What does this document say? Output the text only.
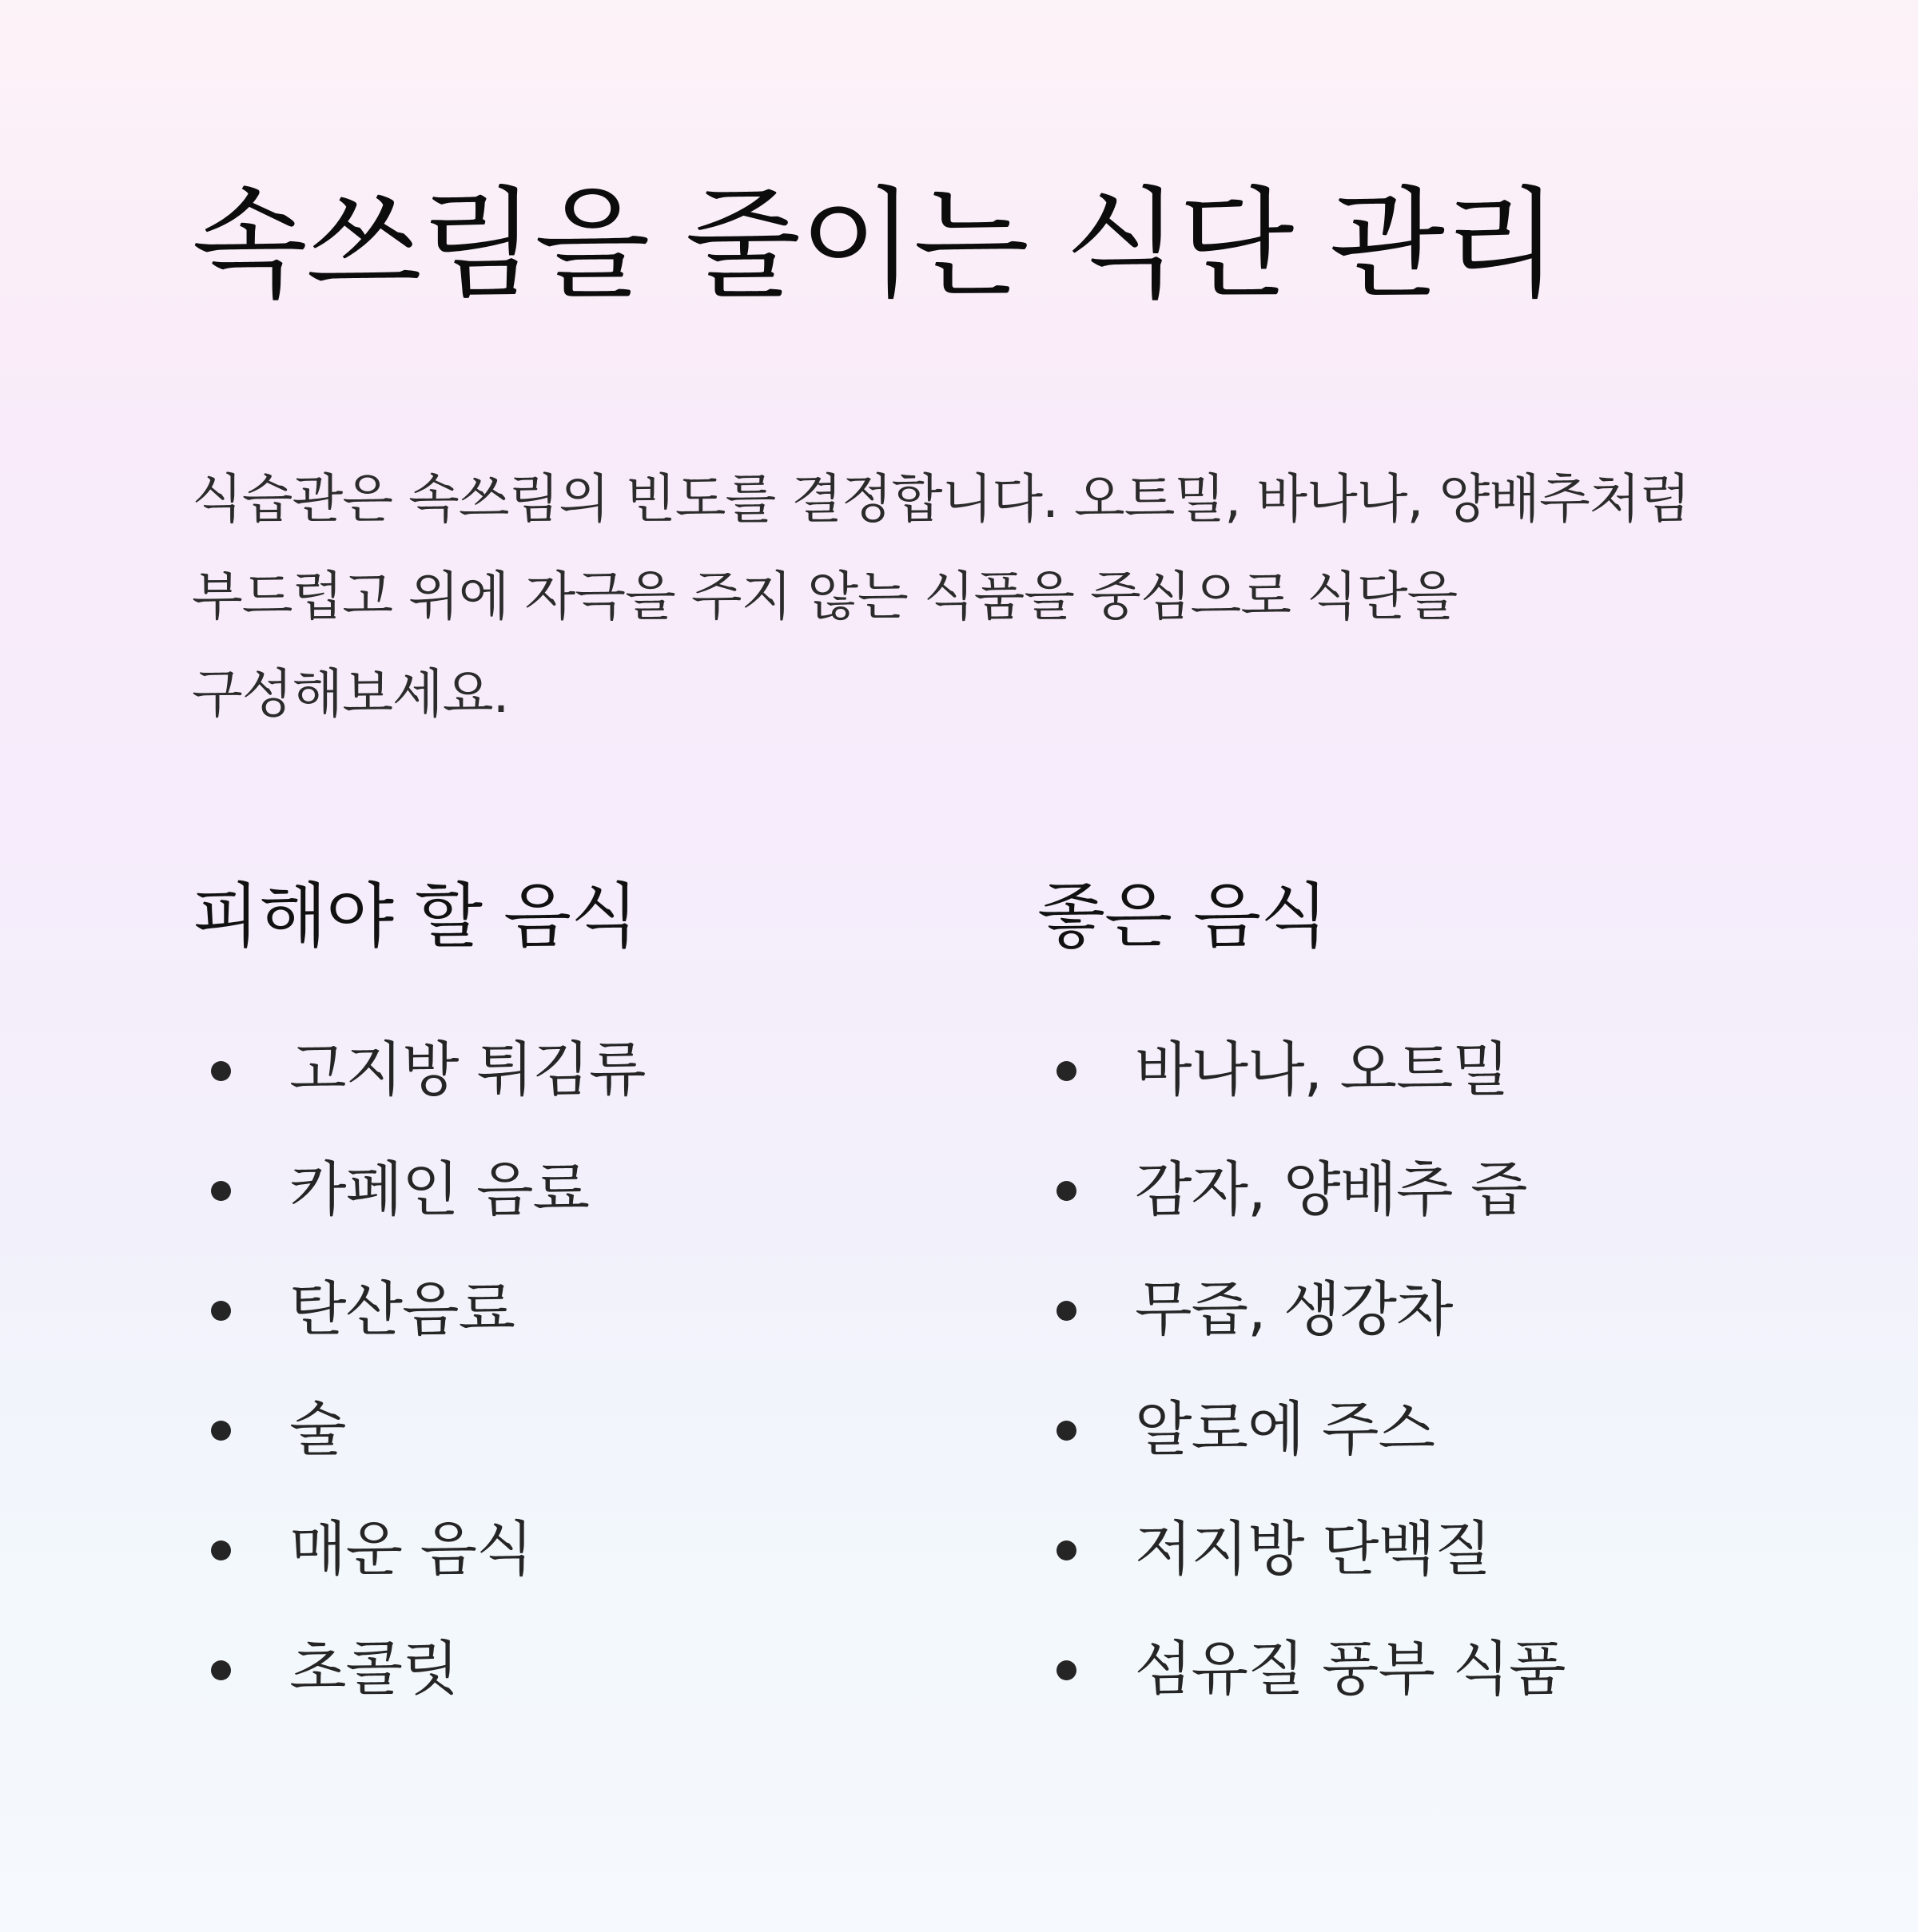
속쓰림을 줄이는 식단 관리

식습관은 속쓰림의 빈도를 결정합니다. 오트밀, 바나나, 양배추처럼 부드럽고 위에 자극을 주지 않는 식품을 중심으로 식단을 구성해보세요.

피해야 할 음식
고지방 튀김류
카페인 음료
탄산음료
술
매운 음식
초콜릿
좋은 음식
바나나, 오트밀
감자, 양배추 즙
무즙, 생강차
알로에 주스
저지방 단백질
섬유질 풍부 식품
